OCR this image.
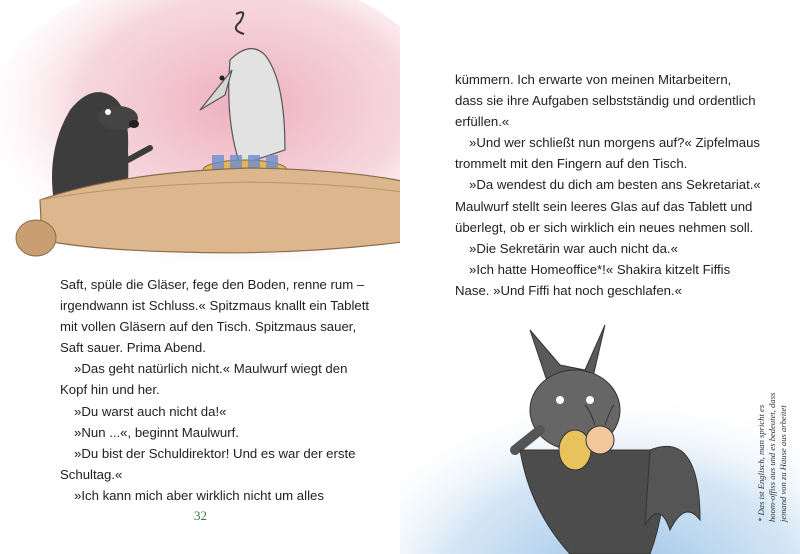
Saft, spüle die Gläser, fege den Boden, renne rum –

irgendwann ist Schluss.« Spitzmaus knallt ein Tablett

mit vollen Gläsern auf den Tisch. Spitzmaus sauer,

Saft sauer. Prima Abend.

»Das geht natürlich nicht.« Maulwurf wiegt den

Kopf hin und her.

»Du warst auch nicht da!«

»Nun ...«, beginnt Maulwurf.

»Du bist der Schuldirektor! Und es war der erste

Schultag.«

»Ich kann mich aber wirklich nicht um alles

32

kümmern. Ich erwarte von meinen Mitarbeitern,

dass sie ihre Aufgaben selbstständig und ordentlich

erfüllen.«

»Und wer schließt nun morgens auf?« Zipfelmaus

trommelt mit den Fingern auf den Tisch.

»Da wendest du dich am besten ans Sekretariat.«

Maulwurf stellt sein leeres Glas auf das Tablett und

überlegt, ob er sich wirklich ein neues nehmen soll.

»Die Sekretärin war auch nicht da.«

»Ich hatte Homeoffice*!« Shakira kitzelt Fiffis

Nase. »Und Fiffi hat noch geschlafen.«

* Das ist Englisch, man spricht es hoom-offiss aus und es bedeutet, dass jemand von zu Hause aus arbeitet
